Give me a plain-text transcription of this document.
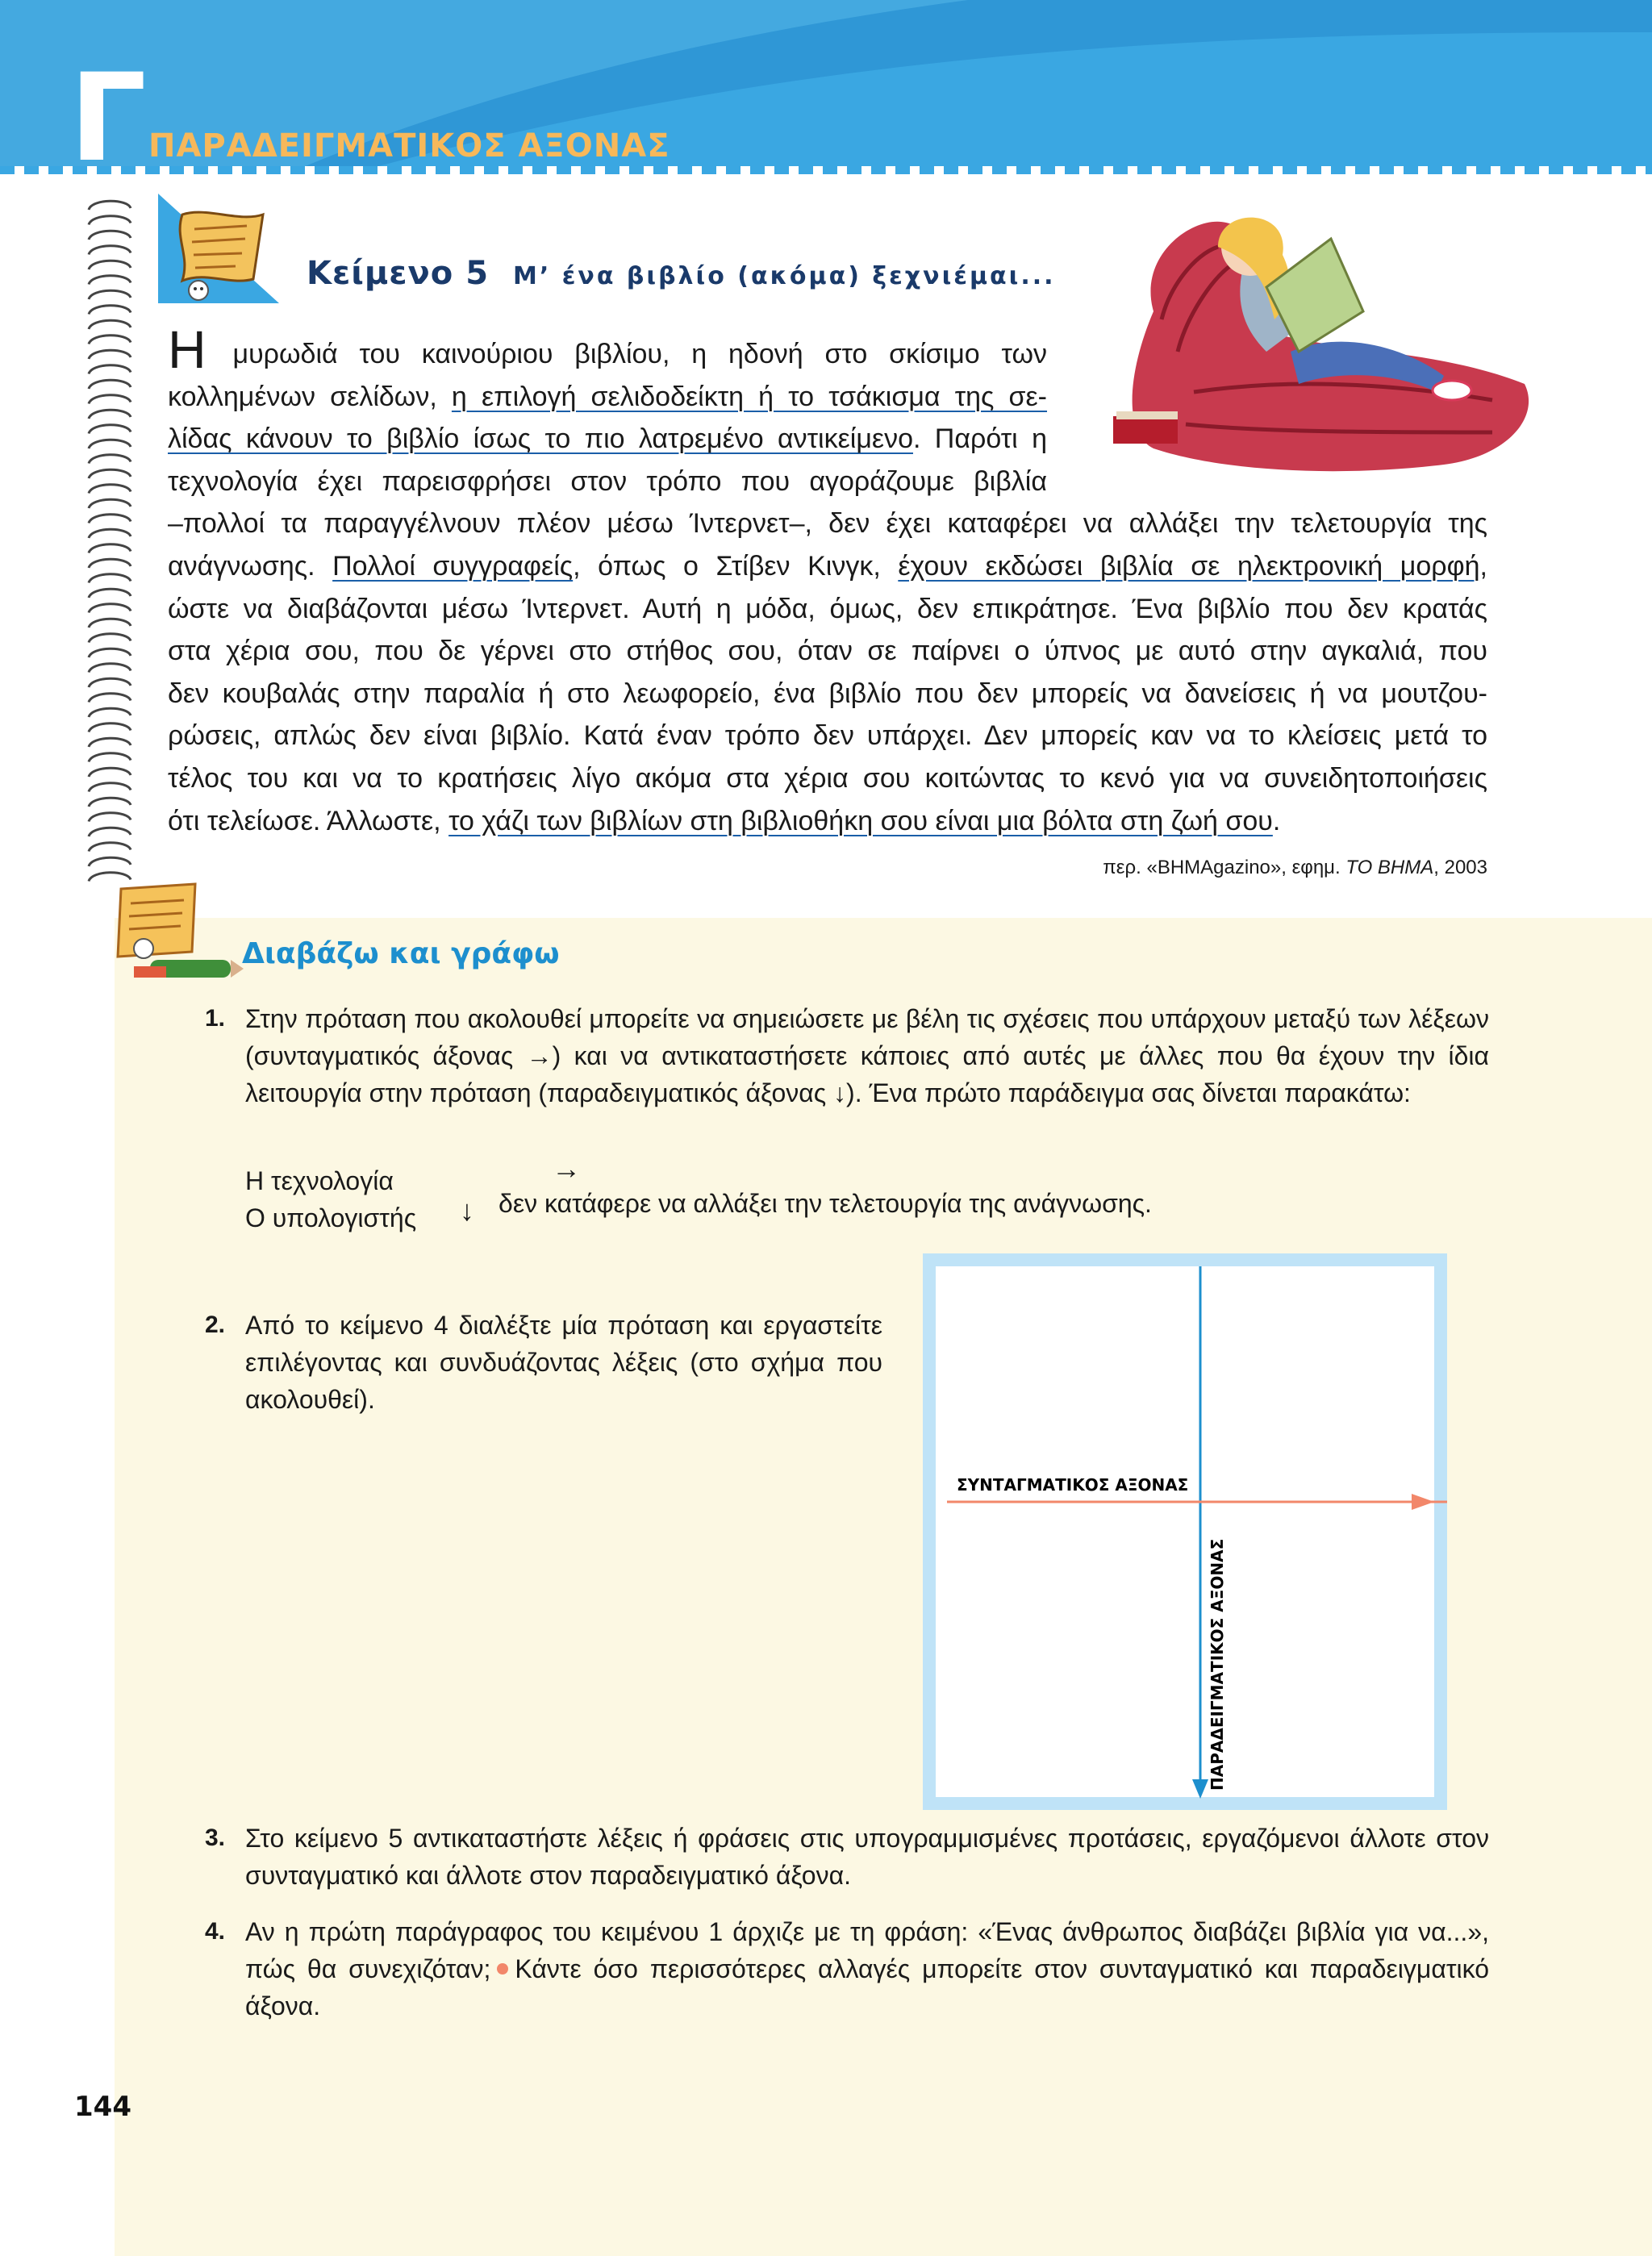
Γ ΠΑΡΑΔΕΙΓΜΑΤΙΚΟΣ ΑΞΟΝΑΣ
Κείμενο 5 Μ’ ένα βιβλίο (ακόμα) ξεχνιέμαι...

Η μυρωδιά του καινούριου βιβλίου, η ηδονή στο σκίσιμο των

κολλημένων σελίδων, η επιλογή σελιδοδείκτη ή το τσάκισμα της σε-

λίδας κάνουν το βιβλίο ίσως το πιο λατρεμένο αντικείμενο. Παρότι η

τεχνολογία έχει παρεισφρήσει στον τρόπο που αγοράζουμε βιβλία

–πολλοί τα παραγγέλνουν πλέον μέσω Ίντερνετ–, δεν έχει καταφέρει να αλλάξει την τελετουργία της

ανάγνωσης. Πολλοί συγγραφείς, όπως ο Στίβεν Κινγκ, έχουν εκδώσει βιβλία σε ηλεκτρονική μορφή,

ώστε να διαβάζονται μέσω Ίντερνετ. Αυτή η μόδα, όμως, δεν επικράτησε. Ένα βιβλίο που δεν κρατάς

στα χέρια σου, που δε γέρνει στο στήθος σου, όταν σε παίρνει ο ύπνος με αυτό στην αγκαλιά, που

δεν κουβαλάς στην παραλία ή στο λεωφορείο, ένα βιβλίο που δεν μπορείς να δανείσεις ή να μουτζου-

ρώσεις, απλώς δεν είναι βιβλίο. Κατά έναν τρόπο δεν υπάρχει. Δεν μπορείς καν να το κλείσεις μετά το

τέλος του και να το κρατήσεις λίγο ακόμα στα χέρια σου κοιτώντας το κενό για να συνειδητοποιήσεις

ότι τελείωσε. Άλλωστε, το χάζι των βιβλίων στη βιβλιοθήκη σου είναι μια βόλτα στη ζωή σου.

περ. «ΒΗΜΑgazino», εφημ. ΤΟ ΒΗΜΑ, 2003
Διαβάζω και γράφω
1. Στην πρόταση που ακολουθεί μπορείτε να σημειώσετε με βέλη τις σχέσεις που υπάρχουν μεταξύ των λέξεων (συνταγματικός άξονας →) και να αντικαταστήσετε κάποιες από αυτές με άλλες που θα έχουν την ίδια λειτουργία στην πρόταση (παραδειγματικός άξονας ↓). Ένα πρώτο παράδειγμα σας δίνεται παρακάτω:

Η τεχνολογία
Ο υπολογιστής
→
↓ δεν κατάφερε να αλλάξει την τελετουργία της ανάγνωσης.
2. Από το κείμενο 4 διαλέξτε μία πρόταση και εργαστείτε επιλέγοντας και συνδυάζοντας λέξεις (στο σχήμα που ακολουθεί).

ΣΥΝΤΑΓΜΑΤΙΚΟΣ ΑΞΟΝΑΣ
ΠΑΡΑΔΕΙΓΜΑΤΙΚΟΣ ΑΞΟΝΑΣ
3. Στο κείμενο 5 αντικαταστήστε λέξεις ή φράσεις στις υπογραμμισμένες προτάσεις, εργαζόμενοι άλλοτε στον συνταγματικό και άλλοτε στον παραδειγματικό άξονα.

4. Αν η πρώτη παράγραφος του κειμένου 1 άρχιζε με τη φράση: «Ένας άνθρωπος διαβάζει βιβλία για να...», πώς θα συνεχιζόταν; Κάντε όσο περισσότερες αλλαγές μπορείτε στον συνταγματικό και παραδειγματικό άξονα.

144
